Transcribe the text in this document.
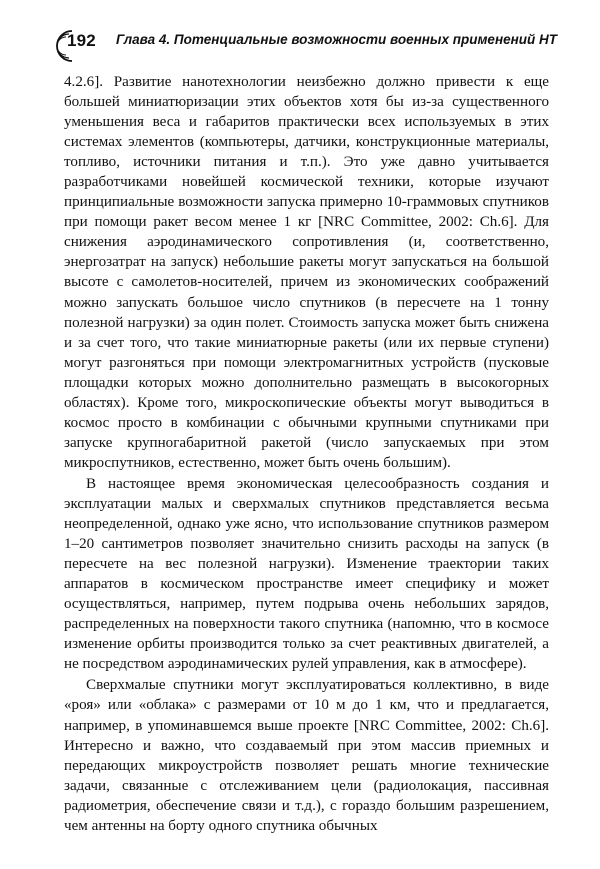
192 Глава 4. Потенциальные возможности военных применений НТ

4.2.6]. Развитие нанотехнологии неизбежно должно привести к еще большей миниатюризации этих объектов хотя бы из-за существенного уменьшения веса и габаритов практически всех используемых в этих системах элементов (компьютеры, датчики, конструкционные материалы, топливо, источники питания и т.п.). Это уже давно учитывается разработчиками новейшей космической техники, которые изучают принципиальные возможности запуска примерно 10-граммовых спутников при помощи ракет весом менее 1 кг [NRC Committee, 2002: Ch.6]. Для снижения аэродинамического сопротивления (и, соответственно, энергозатрат на запуск) небольшие ракеты могут запускаться на большой высоте с самолетов-носителей, причем из экономических соображений можно запускать большое число спутников (в пересчете на 1 тонну полезной нагрузки) за один полет. Стоимость запуска может быть снижена и за счет того, что такие миниатюрные ракеты (или их первые ступени) могут разгоняться при помощи электромагнитных устройств (пусковые площадки которых можно дополнительно размещать в высокогорных областях). Кроме того, микроскопические объекты могут выводиться в космос просто в комбинации с обычными крупными спутниками при запуске крупногабаритной ракетой (число запускаемых при этом микроспутников, естественно, может быть очень большим).

В настоящее время экономическая целесообразность создания и эксплуатации малых и сверхмалых спутников представляется весьма неопределенной, однако уже ясно, что использование спутников размером 1–20 сантиметров позволяет значительно снизить расходы на запуск (в пересчете на вес полезной нагрузки). Изменение траектории таких аппаратов в космическом пространстве имеет специфику и может осуществляться, например, путем подрыва очень небольших зарядов, распределенных на поверхности такого спутника (напомню, что в космосе изменение орбиты производится только за счет реактивных двигателей, а не посредством аэродинамических рулей управления, как в атмосфере).

Сверхмалые спутники могут эксплуатироваться коллективно, в виде «роя» или «облака» с размерами от 10 м до 1 км, что и предлагается, например, в упоминавшемся выше проекте [NRC Committee, 2002: Ch.6]. Интересно и важно, что создаваемый при этом массив приемных и передающих микроустройств позволяет решать многие технические задачи, связанные с отслеживанием цели (радиолокация, пассивная радиометрия, обеспечение связи и т.д.), с гораздо большим разрешением, чем антенны на борту одного спутника обычных
